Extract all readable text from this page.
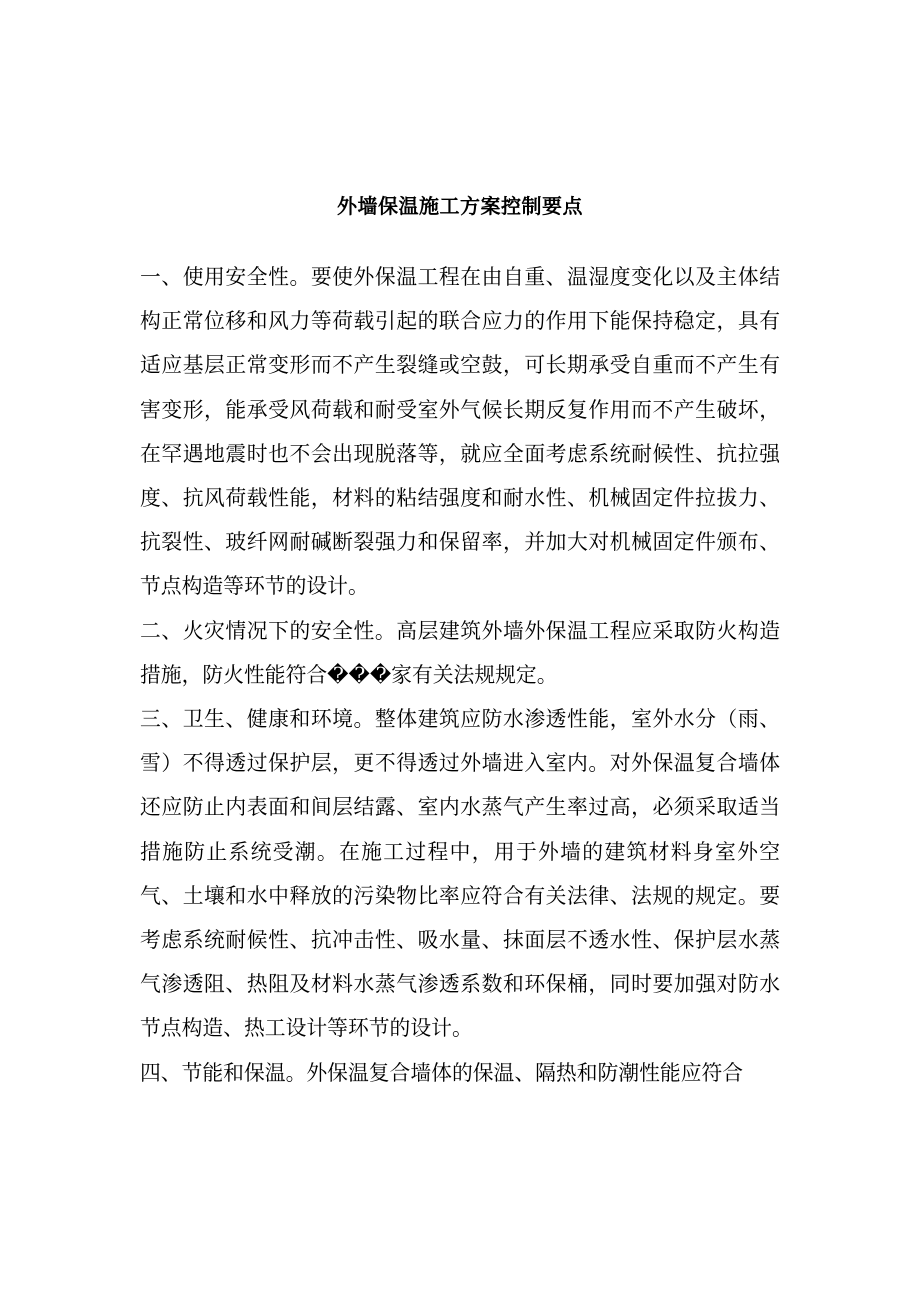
外墙保温施工方案控制要点

一、使用安全性。要使外保温工程在由自重、温湿度变化以及主体结构正常位移和风力等荷载引起的联合应力的作用下能保持稳定，具有适应基层正常变形而不产生裂缝或空鼓，可长期承受自重而不产生有害变形，能承受风荷载和耐受室外气候长期反复作用而不产生破坏，在罕遇地震时也不会出现脱落等，就应全面考虑系统耐候性、抗拉强度、抗风荷载性能，材料的粘结强度和耐水性、机械固定件拉拔力、抗裂性、玻纤网耐碱断裂强力和保留率，并加大对机械固定件颁布、节点构造等环节的设计。

二、火灾情况下的安全性。高层建筑外墙外保温工程应采取防火构造措施，防火性能符合���家有关法规规定。

三、卫生、健康和环境。整体建筑应防水渗透性能，室外水分（雨、雪）不得透过保护层，更不得透过外墙进入室内。对外保温复合墙体还应防止内表面和间层结露、室内水蒸气产生率过高，必须采取适当措施防止系统受潮。在施工过程中，用于外墙的建筑材料身室外空气、土壤和水中释放的污染物比率应符合有关法律、法规的规定。要考虑系统耐候性、抗冲击性、吸水量、抹面层不透水性、保护层水蒸气渗透阻、热阻及材料水蒸气渗透系数和环保桶，同时要加强对防水节点构造、热工设计等环节的设计。

四、节能和保温。外保温复合墙体的保温、隔热和防潮性能应符合
